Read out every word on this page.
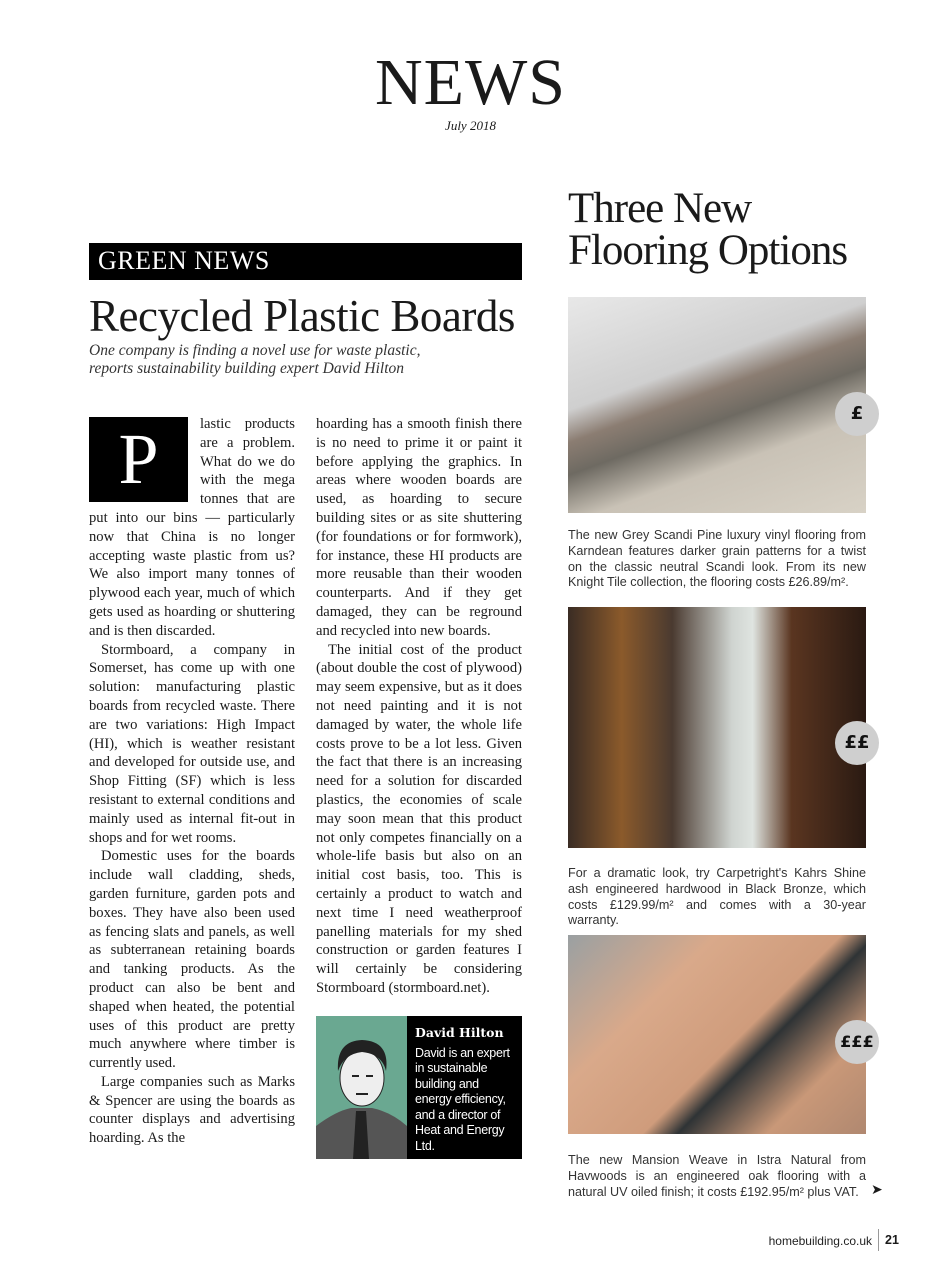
NEWS
July 2018
GREEN NEWS
Recycled Plastic Boards
One company is finding a novel use for waste plastic, reports sustainability building expert David Hilton
P	lastic products are a problem. What do we do with the mega tonnes that are put into our bins — particularly now that China is no longer accepting waste plastic from us? We also import many tonnes of plywood each year, much of which gets used as hoarding or shuttering and is then discarded.

Stormboard, a company in Somerset, has come up with one solution: manufacturing plastic boards from recycled waste. There are two variations: High Impact (HI), which is weather resistant and developed for outside use, and Shop Fitting (SF) which is less resistant to external conditions and mainly used as internal fit-out in shops and for wet rooms.

Domestic uses for the boards include wall cladding, sheds, garden furniture, garden pots and boxes. They have also been used as fencing slats and panels, as well as subterranean retaining boards and tanking products. As the product can also be bent and shaped when heated, the potential uses of this product are pretty much anywhere where timber is currently used.

Large companies such as Marks & Spencer are using the boards as counter displays and advertising hoarding. As the

hoarding has a smooth finish there is no need to prime it or paint it before applying the graphics. In areas where wooden boards are used, as hoarding to secure building sites or as site shuttering (for foundations or for formwork), for instance, these HI products are more reusable than their wooden counterparts. And if they get damaged, they can be reground and recycled into new boards.

The initial cost of the product (about double the cost of plywood) may seem expensive, but as it does not need painting and it is not damaged by water, the whole life costs prove to be a lot less. Given the fact that there is an increasing need for a solution for discarded plastics, the economies of scale may soon mean that this product not only competes financially on a whole-life basis but also on an initial cost basis, too. This is certainly a product to watch and next time I need weatherproof panelling materials for my shed construction or garden features I will certainly be considering Stormboard (stormboard.net).

David Hilton
David is an expert in sustainable building and energy efficiency, and a director of Heat and Energy Ltd.
Three New Flooring Options
£
The new Grey Scandi Pine luxury vinyl flooring from Karndean features darker grain patterns for a twist on the classic neutral Scandi look. From its new Knight Tile collection, the flooring costs £26.89/m².
££
For a dramatic look, try Carpetright's Kahrs Shine ash engineered hardwood in Black Bronze, which costs £129.99/m² and comes with a 30-year warranty.
£££
The new Mansion Weave in Istra Natural from Havwoods is an engineered oak flooring with a natural UV oiled finish; it costs £192.95/m² plus VAT. ➤
homebuilding.co.uk 21
